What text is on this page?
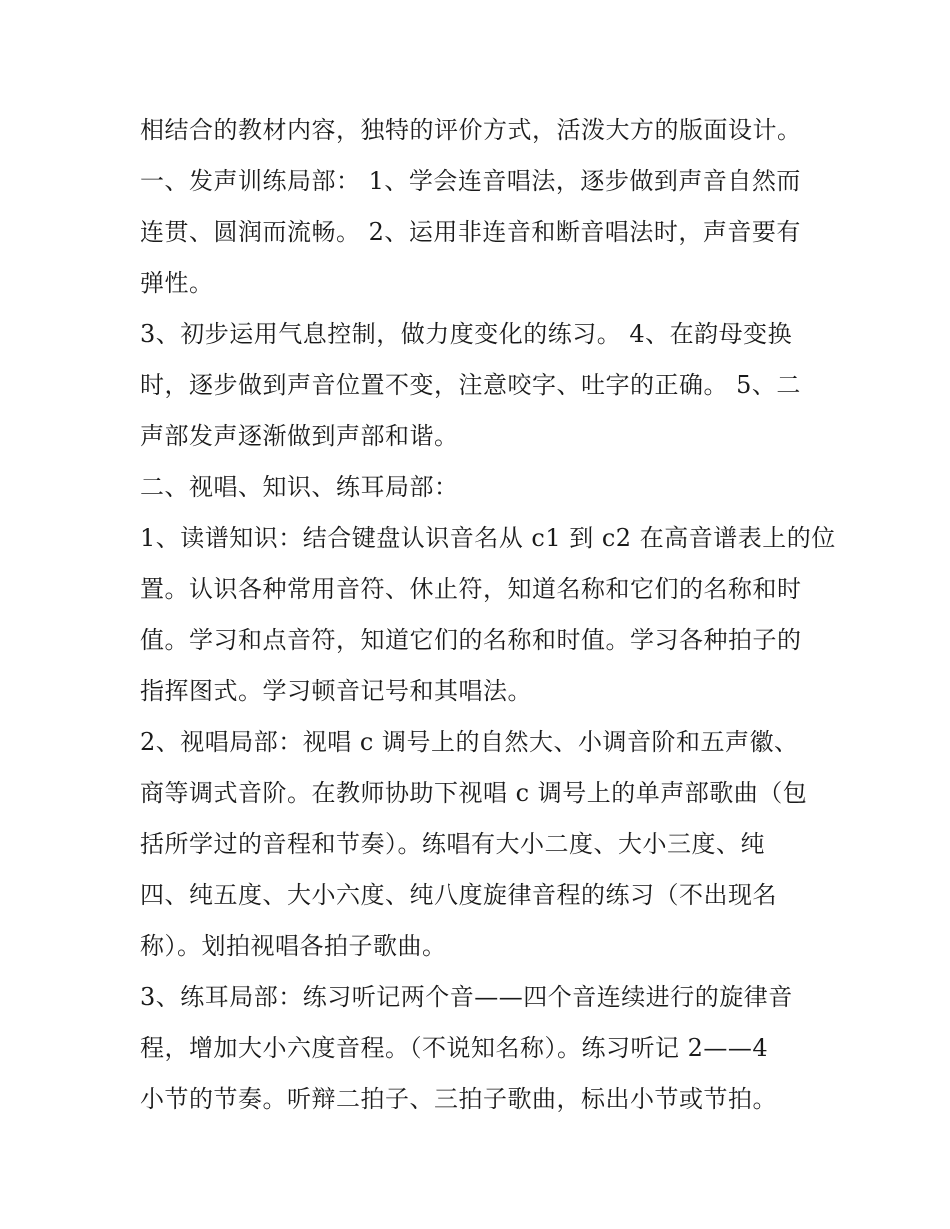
相结合的教材内容，独特的评价方式，活泼大方的版面设计。
一、发声训练局部： 1、学会连音唱法，逐步做到声音自然而
连贯、圆润而流畅。 2、运用非连音和断音唱法时，声音要有
弹性。
3、初步运用气息控制，做力度变化的练习。 4、在韵母变换
时，逐步做到声音位置不变，注意咬字、吐字的正确。 5、二
声部发声逐渐做到声部和谐。
二、视唱、知识、练耳局部：
1、读谱知识：结合键盘认识音名从 c1 到 c2 在高音谱表上的位
置。认识各种常用音符、休止符，知道名称和它们的名称和时
值。学习和点音符，知道它们的名称和时值。学习各种拍子的
指挥图式。学习顿音记号和其唱法。
2、视唱局部：视唱 c 调号上的自然大、小调音阶和五声徽、
商等调式音阶。在教师协助下视唱 c 调号上的单声部歌曲（包
括所学过的音程和节奏）。练唱有大小二度、大小三度、纯
四、纯五度、大小六度、纯八度旋律音程的练习（不出现名
称）。划拍视唱各拍子歌曲。
3、练耳局部：练习听记两个音——四个音连续进行的旋律音
程，增加大小六度音程。（不说知名称）。练习听记 2——4
小节的节奏。听辩二拍子、三拍子歌曲，标出小节或节拍。
